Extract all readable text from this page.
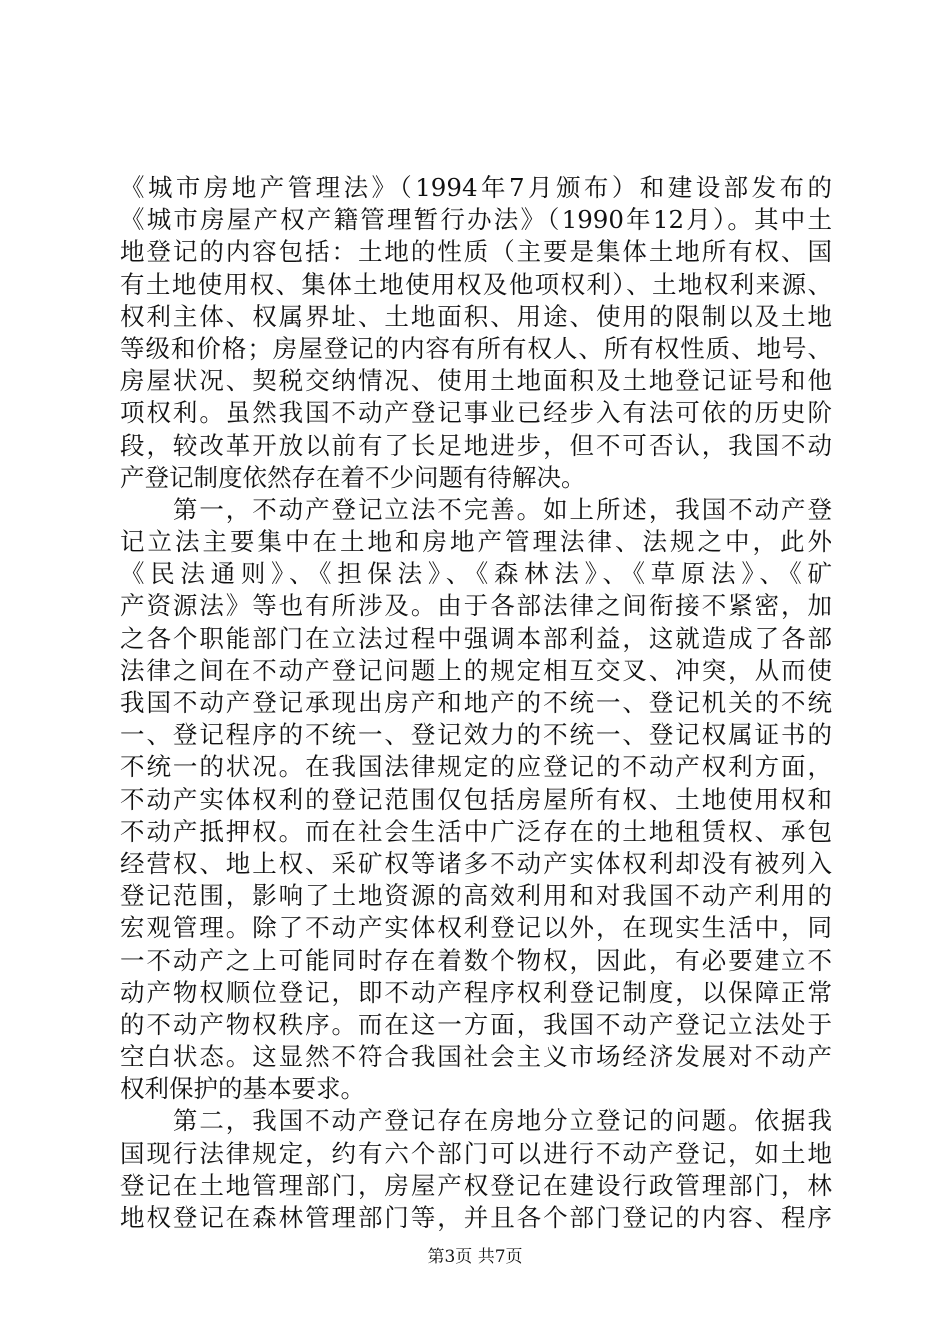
《城市房地产管理法》（1994年7月颁布）和建设部发布的
《城市房屋产权产籍管理暂行办法》（1990年12月）。其中土
地登记的内容包括：土地的性质（主要是集体土地所有权、国
有土地使用权、集体土地使用权及他项权利）、土地权利来源、
权利主体、权属界址、土地面积、用途、使用的限制以及土地
等级和价格；房屋登记的内容有所有权人、所有权性质、地号、
房屋状况、契税交纳情况、使用土地面积及土地登记证号和他
项权利。虽然我国不动产登记事业已经步入有法可依的历史阶
段，较改革开放以前有了长足地进步，但不可否认，我国不动
产登记制度依然存在着不少问题有待解决。
　　第一，不动产登记立法不完善。如上所述，我国不动产登
记立法主要集中在土地和房地产管理法律、法规之中，此外
《民法通则》、《担保法》、《森林法》、《草原法》、《矿
产资源法》等也有所涉及。由于各部法律之间衔接不紧密，加
之各个职能部门在立法过程中强调本部利益，这就造成了各部
法律之间在不动产登记问题上的规定相互交叉、冲突，从而使
我国不动产登记承现出房产和地产的不统一、登记机关的不统
一、登记程序的不统一、登记效力的不统一、登记权属证书的
不统一的状况。在我国法律规定的应登记的不动产权利方面，
不动产实体权利的登记范围仅包括房屋所有权、土地使用权和
不动产抵押权。而在社会生活中广泛存在的土地租赁权、承包
经营权、地上权、采矿权等诸多不动产实体权利却没有被列入
登记范围，影响了土地资源的高效利用和对我国不动产利用的
宏观管理。除了不动产实体权利登记以外，在现实生活中，同
一不动产之上可能同时存在着数个物权，因此，有必要建立不
动产物权顺位登记，即不动产程序权利登记制度，以保障正常
的不动产物权秩序。而在这一方面，我国不动产登记立法处于
空白状态。这显然不符合我国社会主义市场经济发展对不动产
权利保护的基本要求。
　　第二，我国不动产登记存在房地分立登记的问题。依据我
国现行法律规定，约有六个部门可以进行不动产登记，如土地
登记在土地管理部门，房屋产权登记在建设行政管理部门，林
地权登记在森林管理部门等，并且各个部门登记的内容、程序
第3页 共7页
